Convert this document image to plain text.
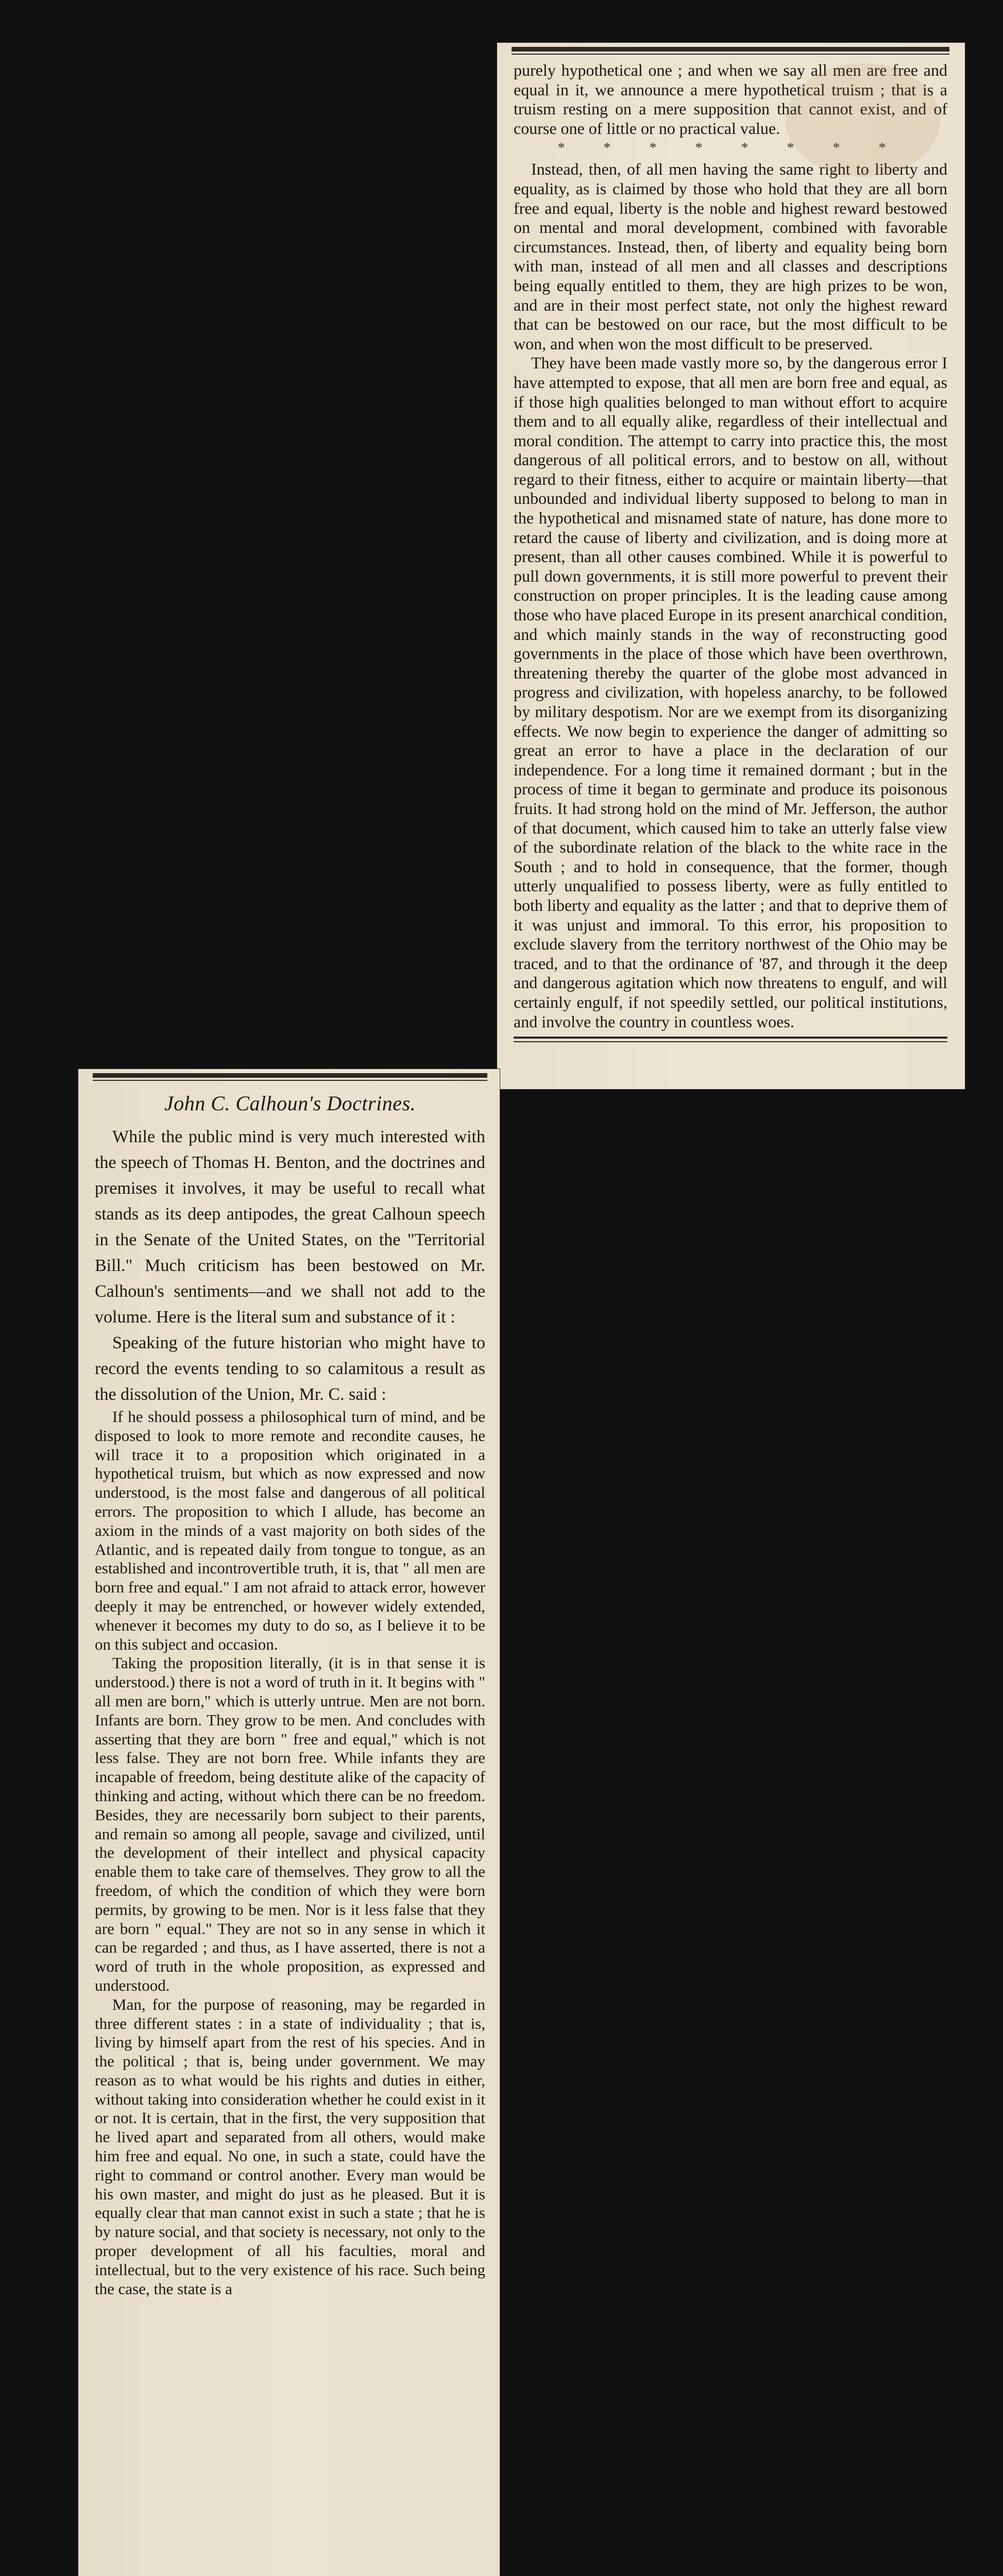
purely hypothetical one ; and when we say all men are free and equal in it, we announce a mere hypothetical truism ; that is a truism resting on a mere supposition that cannot exist, and of course one of little or no practical value.

* * * * * * * *

Instead, then, of all men having the same right to liberty and equality, as is claimed by those who hold that they are all born free and equal, liberty is the noble and highest reward bestowed on mental and moral development, combined with favorable circumstances. Instead, then, of liberty and equality being born with man, instead of all men and all classes and descriptions being equally entitled to them, they are high prizes to be won, and are in their most perfect state, not only the highest reward that can be bestowed on our race, but the most difficult to be won, and when won the most difficult to be preserved.

They have been made vastly more so, by the dangerous error I have attempted to expose, that all men are born free and equal, as if those high qualities belonged to man without effort to acquire them and to all equally alike, regardless of their intellectual and moral condition. The attempt to carry into practice this, the most dangerous of all political errors, and to bestow on all, without regard to their fitness, either to acquire or maintain liberty—that unbounded and individual liberty supposed to belong to man in the hypothetical and misnamed state of nature, has done more to retard the cause of liberty and civilization, and is doing more at present, than all other causes combined. While it is powerful to pull down governments, it is still more powerful to prevent their construction on proper principles. It is the leading cause among those who have placed Europe in its present anarchical condition, and which mainly stands in the way of reconstructing good governments in the place of those which have been overthrown, threatening thereby the quarter of the globe most advanced in progress and civilization, with hopeless anarchy, to be followed by military despotism. Nor are we exempt from its disorganizing effects. We now begin to experience the danger of admitting so great an error to have a place in the declaration of our independence. For a long time it remained dormant ; but in the process of time it began to germinate and produce its poisonous fruits. It had strong hold on the mind of Mr. Jefferson, the author of that document, which caused him to take an utterly false view of the subordinate relation of the black to the white race in the South ; and to hold in consequence, that the former, though utterly unqualified to possess liberty, were as fully entitled to both liberty and equality as the latter ; and that to deprive them of it was unjust and immoral. To this error, his proposition to exclude slavery from the territory northwest of the Ohio may be traced, and to that the ordinance of '87, and through it the deep and dangerous agitation which now threatens to engulf, and will certainly engulf, if not speedily settled, our political institutions, and involve the country in countless woes.

John C. Calhoun's Doctrines.

While the public mind is very much interested with the speech of Thomas H. Benton, and the doctrines and premises it involves, it may be useful to recall what stands as its deep antipodes, the great Calhoun speech in the Senate of the United States, on the "Territorial Bill." Much criticism has been bestowed on Mr. Calhoun's sentiments—and we shall not add to the volume. Here is the literal sum and substance of it :

Speaking of the future historian who might have to record the events tending to so calamitous a result as the dissolution of the Union, Mr. C. said :

If he should possess a philosophical turn of mind, and be disposed to look to more remote and recondite causes, he will trace it to a proposition which originated in a hypothetical truism, but which as now expressed and now understood, is the most false and dangerous of all political errors. The proposition to which I allude, has become an axiom in the minds of a vast majority on both sides of the Atlantic, and is repeated daily from tongue to tongue, as an established and incontrovertible truth, it is, that " all men are born free and equal." I am not afraid to attack error, however deeply it may be entrenched, or however widely extended, whenever it becomes my duty to do so, as I believe it to be on this subject and occasion.

Taking the proposition literally, (it is in that sense it is understood.) there is not a word of truth in it. It begins with " all men are born," which is utterly untrue. Men are not born. Infants are born. They grow to be men. And concludes with asserting that they are born " free and equal," which is not less false. They are not born free. While infants they are incapable of freedom, being destitute alike of the capacity of thinking and acting, without which there can be no freedom. Besides, they are necessarily born subject to their parents, and remain so among all people, savage and civilized, until the development of their intellect and physical capacity enable them to take care of themselves. They grow to all the freedom, of which the condition of which they were born permits, by growing to be men. Nor is it less false that they are born " equal." They are not so in any sense in which it can be regarded ; and thus, as I have asserted, there is not a word of truth in the whole proposition, as expressed and understood.

Man, for the purpose of reasoning, may be regarded in three different states : in a state of individuality ; that is, living by himself apart from the rest of his species. And in the political ; that is, being under government. We may reason as to what would be his rights and duties in either, without taking into consideration whether he could exist in it or not. It is certain, that in the first, the very supposition that he lived apart and separated from all others, would make him free and equal. No one, in such a state, could have the right to command or control another. Every man would be his own master, and might do just as he pleased. But it is equally clear that man cannot exist in such a state ; that he is by nature social, and that society is necessary, not only to the proper development of all his faculties, moral and intellectual, but to the very existence of his race. Such being the case, the state is a
